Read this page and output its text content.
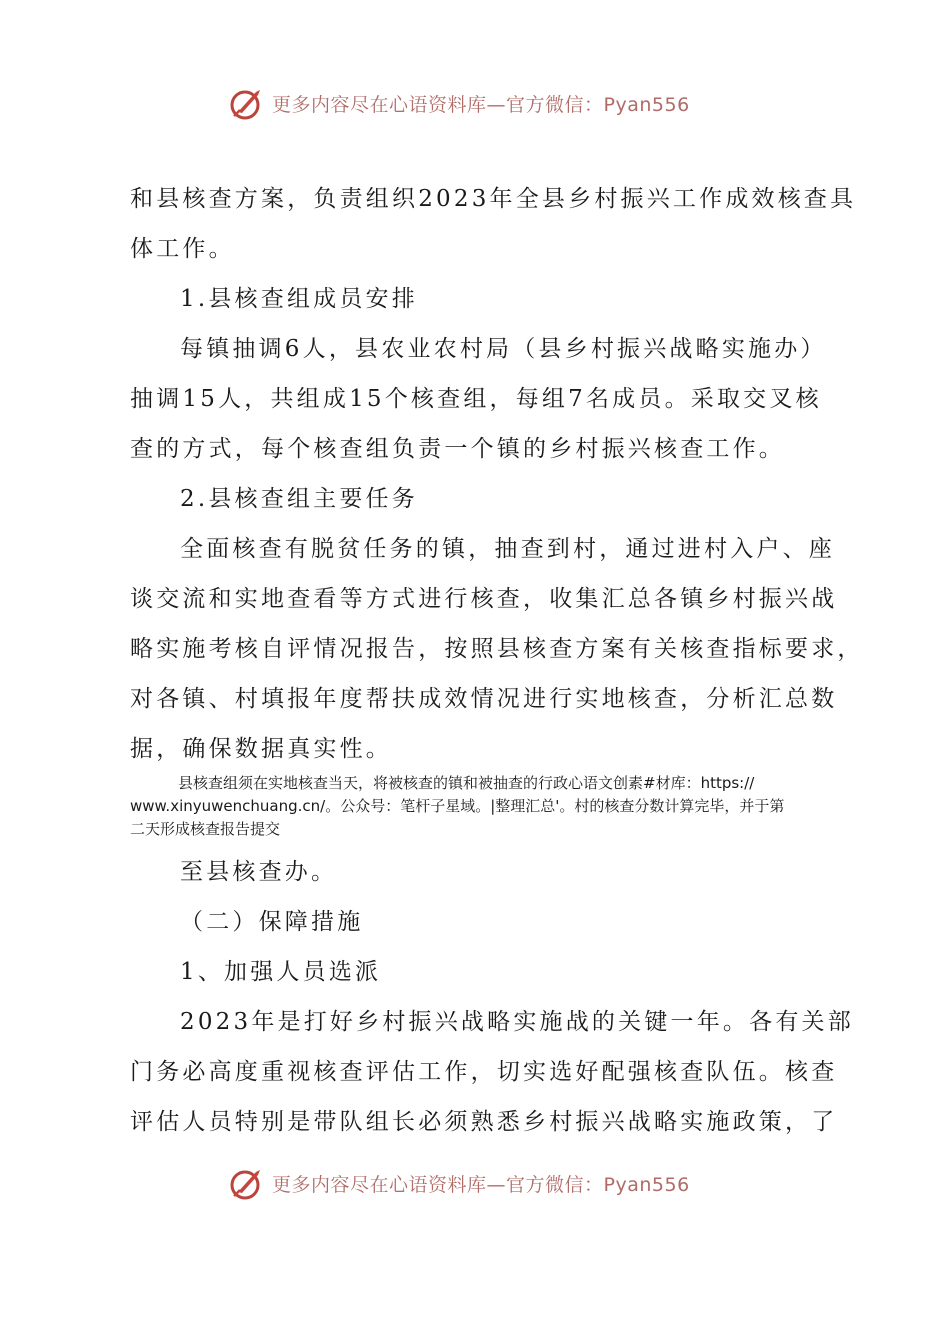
更多内容尽在心语资料库—官方微信：Pyan556
和县核查方案，负责组织2023年全县乡村振兴工作成效核查具
体工作。
1.县核查组成员安排
每镇抽调6人，县农业农村局（县乡村振兴战略实施办）
抽调15人，共组成15个核查组，每组7名成员。采取交叉核
查的方式，每个核查组负责一个镇的乡村振兴核查工作。
2.县核查组主要任务
全面核查有脱贫任务的镇，抽查到村，通过进村入户、座
谈交流和实地查看等方式进行核查，收集汇总各镇乡村振兴战
略实施考核自评情况报告，按照县核查方案有关核查指标要求，
对各镇、村填报年度帮扶成效情况进行实地核查，分析汇总数
据，确保数据真实性。
县核查组须在实地核查当天，将被核查的镇和被抽查的行政心语文创素#材库：https://
www.xinyuwenchuang.cn/。公众号：笔杆子星域。|整理汇总'。村的核查分数计算完毕，并于第
二天形成核查报告提交
至县核查办。
（二）保障措施
1、加强人员选派
2023年是打好乡村振兴战略实施战的关键一年。各有关部
门务必高度重视核查评估工作，切实选好配强核查队伍。核查
评估人员特别是带队组长必须熟悉乡村振兴战略实施政策，了
更多内容尽在心语资料库—官方微信：Pyan556
